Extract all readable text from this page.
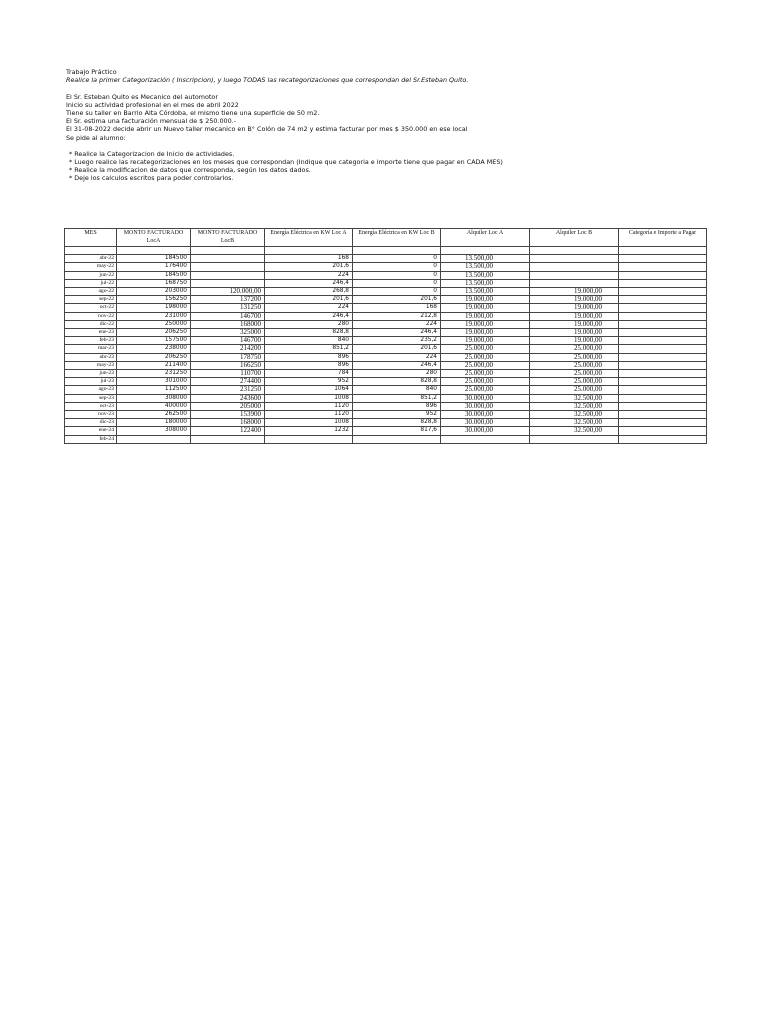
Trabajo Práctico
Realice la primer Categorización ( Inscripcion), y luego TODAS las recategorizaciones que correspondan del Sr.Esteban Quito.
El Sr. Esteban Quito es Mecanico del automotor
Inicio su actividad profesional en el mes de abril 2022
Tiene su taller en Barrio Alta Córdoba, el mismo tiene una superficie de 50 m2.
El Sr. estima una facturación mensual de $ 250.000.-
El 31-08-2022 decide abrir un Nuevo taller mecanico en B° Colón de 74 m2 y estima facturar por mes $ 350.000 en ese local
Se pide al alumno:
* Realice la Categorizacion de Inicio de actividades.
* Luego realice las recategorizaciones en los meses que correspondan (Indique que categoria e importe tiene que pagar en CADA MES)
* Realice la modificacion de datos que corresponda, según los datos dados.
* Deje los calculos escritos para poder controlarlos.
MES	MONTO FACTURADO LocA	MONTO FACTURADO LocB	Energía Eléctrica en KW Loc A	Energía Eléctrica en KW Loc B	Alquiler Loc A	Alquiler Loc B	Categoría e Importe a Pagar

abr-22	184500		168	0	13.500,00		
may-22	176400		201,6	0	13.500,00		
jun-22	184500		224	0	13.500,00		
jul-22	168750		246,4	0	13.500,00		
ago-22	203000	120.000,00	268,8	0	13.500,00	19.000,00	
sep-22	156250	137200	201,6	201,6	19.000,00	19.000,00	
oct-22	198000	131250	224	168	19.000,00	19.000,00	
nov-22	231000	146700	246,4	212,8	19.000,00	19.000,00	
dic-22	250000	168000	280	224	19.000,00	19.000,00	
ene-23	206250	325000	828,8	246,4	19.000,00	19.000,00	
feb-23	157500	146700	840	235,2	19.000,00	19.000,00	
mar-23	238000	214200	851,2	201,6	25.000,00	25.000,00	
abr-23	206250	178750	896	224	25.000,00	25.000,00	
may-23	211400	166250	896	246,4	25.000,00	25.000,00	
jun-23	231250	110700	784	280	25.000,00	25.000,00	
jul-23	301000	274400	952	828,8	25.000,00	25.000,00	
ago-23	112500	231250	1064	840	25.000,00	25.000,00	
sep-23	308000	243600	1008	851,2	30.000,00	32.500,00	
oct-23	400000	205000	1120	896	30.000,00	32.500,00	
nov-23	262500	153900	1120	952	30.000,00	32.500,00	
dic-23	180000	168000	1008	828,8	30.000,00	32.500,00	
ene-24	308000	122400	1232	817,6	30.000,00	32.500,00	
feb-24							
